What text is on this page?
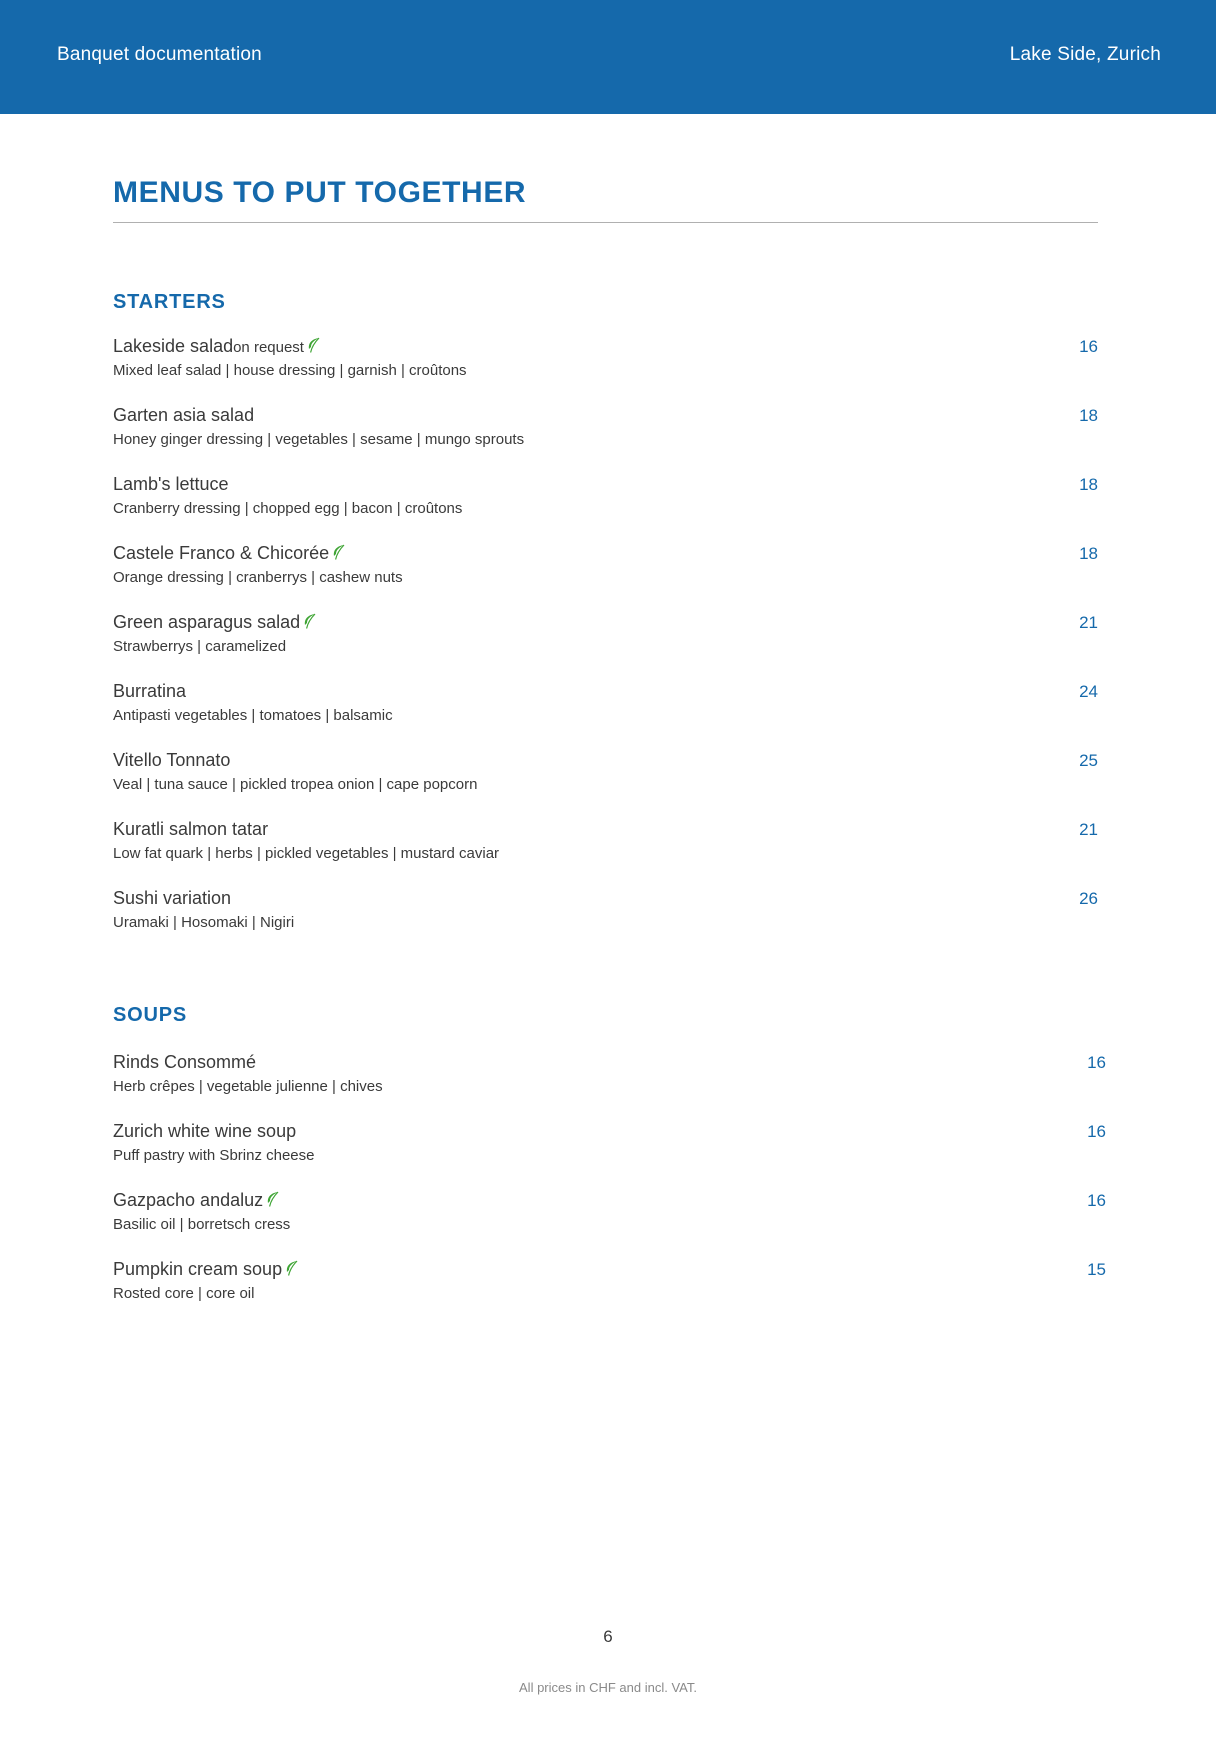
Banquet documentation	Lake Side, Zurich
MENUS TO PUT TOGETHER
STARTERS
Lakeside saladon request
Mixed leaf salad | house dressing | garnish | croûtons
16
Garten asia salad
Honey ginger dressing | vegetables | sesame | mungo sprouts
18
Lamb's lettuce
Cranberry dressing | chopped egg | bacon | croûtons
18
Castele Franco & Chicorée
Orange dressing | cranberrys | cashew nuts
18
Green asparagus salad
Strawberrys | caramelized
21
Burratina
Antipasti vegetables | tomatoes | balsamic
24
Vitello Tonnato
Veal | tuna sauce | pickled tropea onion | cape popcorn
25
Kuratli salmon tatar
Low fat quark | herbs | pickled vegetables | mustard caviar
21
Sushi variation
Uramaki | Hosomaki | Nigiri
26
SOUPS
Rinds Consommé
Herb crêpes | vegetable julienne | chives
16
Zurich white wine soup
Puff pastry with Sbrinz cheese
16
Gazpacho andaluz
Basilic oil | borretsch cress
16
Pumpkin cream soup
Rosted core | core oil
15
6
All prices in CHF and incl. VAT.
